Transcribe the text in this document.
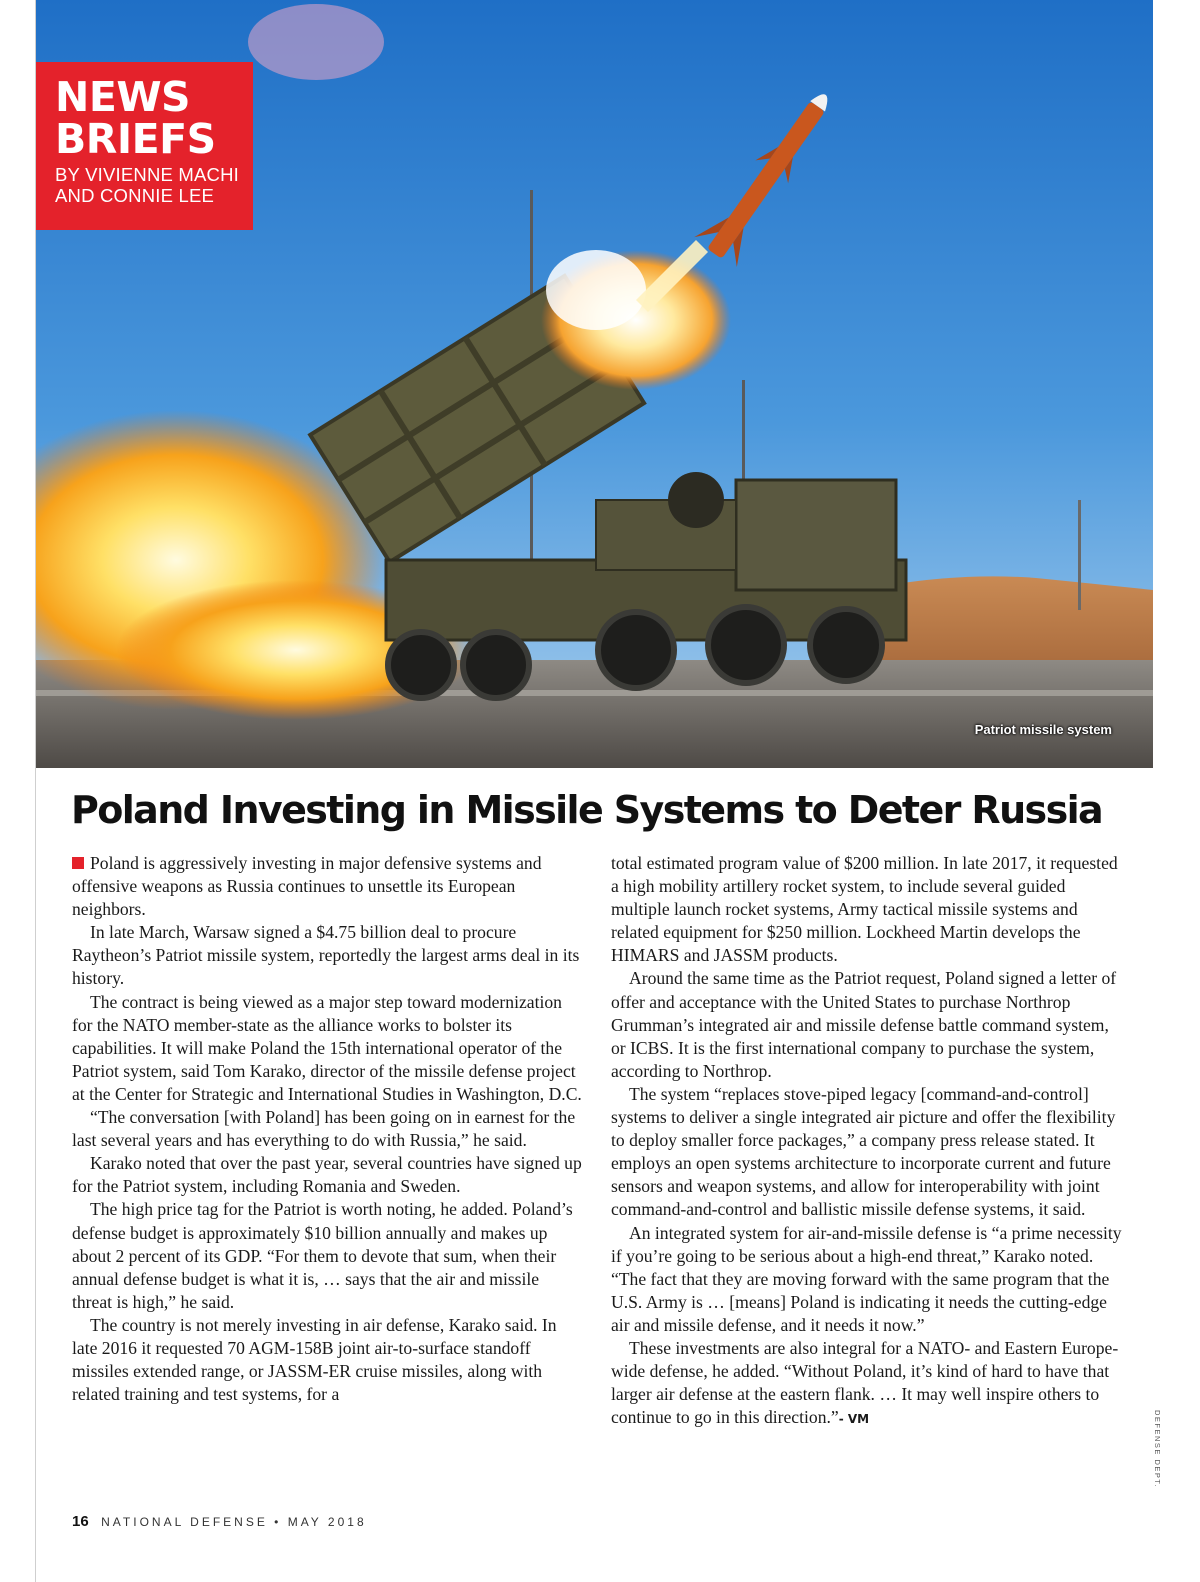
NEWS
BRIEFS
BY VIVIENNE MACHI
AND CONNIE LEE
Patriot missile system
Poland Investing in Missile Systems to Deter Russia

Poland is aggressively investing in major defensive systems and offensive weapons as Russia continues to unsettle its European neighbors.

In late March, Warsaw signed a $4.75 billion deal to procure Raytheon’s Patriot missile system, reportedly the largest arms deal in its history.

The contract is being viewed as a major step toward modernization for the NATO member-state as the alliance works to bolster its capabilities. It will make Poland the 15th international operator of the Patriot system, said Tom Karako, director of the missile defense project at the Center for Strategic and International Studies in Washington, D.C.

“The conversation [with Poland] has been going on in earnest for the last several years and has everything to do with Russia,” he said.

Karako noted that over the past year, several countries have signed up for the Patriot system, including Romania and Sweden.

The high price tag for the Patriot is worth noting, he added. Poland’s defense budget is approximately $10 billion annually and makes up about 2 percent of its GDP. “For them to devote that sum, when their annual defense budget is what it is, … says that the air and missile threat is high,” he said.

The country is not merely investing in air defense, Karako said. In late 2016 it requested 70 AGM-158B joint air-to-surface standoff missiles extended range, or JASSM-ER cruise missiles, along with related training and test systems, for a

total estimated program value of $200 million. In late 2017, it requested a high mobility artillery rocket system, to include several guided multiple launch rocket systems, Army tactical missile systems and related equipment for $250 million. Lockheed Martin develops the HIMARS and JASSM products.

Around the same time as the Patriot request, Poland signed a letter of offer and acceptance with the United States to purchase Northrop Grumman’s integrated air and missile defense battle command system, or ICBS. It is the first international company to purchase the system, according to Northrop.

The system “replaces stove-piped legacy [command-and-control] systems to deliver a single integrated air picture and offer the flexibility to deploy smaller force packages,” a company press release stated. It employs an open systems architecture to incorporate current and future sensors and weapon systems, and allow for interoperability with joint command-and-control and ballistic missile defense systems, it said.

An integrated system for air-and-missile defense is “a prime necessity if you’re going to be serious about a high-end threat,” Karako noted. “The fact that they are moving forward with the same program that the U.S. Army is … [means] Poland is indicating it needs the cutting-edge air and missile defense, and it needs it now.”

These investments are also integral for a NATO- and Eastern Europe-wide defense, he added. “Without Poland, it’s kind of hard to have that larger air defense at the eastern flank. … It may well inspire others to continue to go in this direction.”- VM	DEFENSE DEPT.
16 NATIONAL DEFENSE • MAY 2018
